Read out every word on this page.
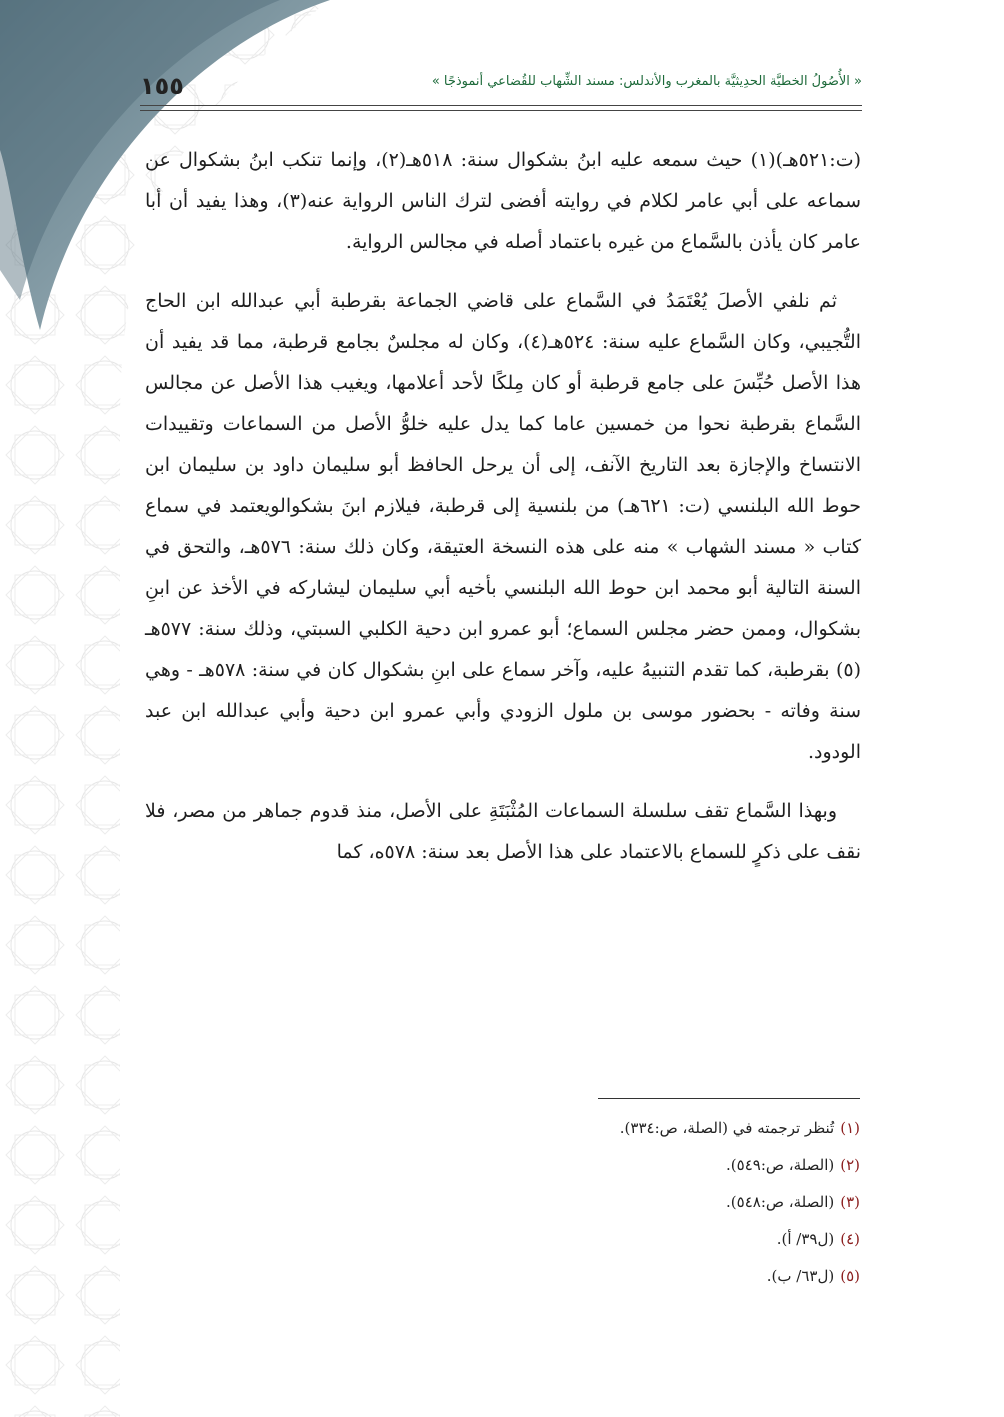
١٥٥	« الأُصُولُ الخطيَّة الحدِيثيَّة بالمغرب والأندلس: مسند الشِّهاب للقُضاعي أنموذجًا »

(ت:٥٢١هـ)(١) حيث سمعه عليه ابنُ بشكوال سنة: ٥١٨هـ(٢)، وإنما تنكب ابنُ بشكوال عن سماعه على أبي عامر لكلام في روايته أفضى لترك الناس الرواية عنه(٣)، وهذا يفيد أن أبا عامر كان يأذن بالسَّماع من غيره باعتماد أصله في مجالس الرواية.

ثم نلفي الأصلَ يُعْتَمَدُ في السَّماع على قاضي الجماعة بقرطبة أبي عبدالله ابن الحاج التُّجيبي، وكان السَّماع عليه سنة: ٥٢٤هـ(٤)، وكان له مجلسٌ بجامع قرطبة، مما قد يفيد أن هذا الأصل حُبِّسَ على جامع قرطبة أو كان مِلكًا لأحد أعلامها، ويغيب هذا الأصل عن مجالس السَّماع بقرطبة نحوا من خمسين عاما كما يدل عليه خلوُّ الأصل من السماعات وتقييدات الانتساخ والإجازة بعد التاريخ الآنف، إلى أن يرحل الحافظ أبو سليمان داود بن سليمان ابن حوط الله البلنسي (ت: ٦٢١هـ) من بلنسية إلى قرطبة، فيلازم ابنَ بشكوالويعتمد في سماع كتاب « مسند الشهاب » منه على هذه النسخة العتيقة، وكان ذلك سنة: ٥٧٦هـ، والتحق في السنة التالية أبو محمد ابن حوط الله البلنسي بأخيه أبي سليمان ليشاركه في الأخذ عن ابنِ بشكوال، وممن حضر مجلس السماع؛ أبو عمرو ابن دحية الكلبي السبتي، وذلك سنة: ٥٧٧هـ (٥) بقرطبة، كما تقدم التنبيهُ عليه، وآخر سماع على ابنِ بشكوال كان في سنة: ٥٧٨هـ - وهي سنة وفاته - بحضور موسى بن ملول الزودي وأبي عمرو ابن دحية وأبي عبدالله ابن عبد الودود.

وبهذا السَّماع تقف سلسلة السماعات المُثْبَتَةِ على الأصل، منذ قدوم جماهر من مصر، فلا نقف على ذكرٍ للسماع بالاعتماد على هذا الأصل بعد سنة: ٥٧٨ه، كما

(١)تُنظر ترجمته في (الصلة، ص:٣٣٤).
(٢)(الصلة، ص:٥٤٩).
(٣)(الصلة، ص:٥٤٨).
(٤)(ل٣٩/ أ).
(٥)(ل٦٣/ ب).
